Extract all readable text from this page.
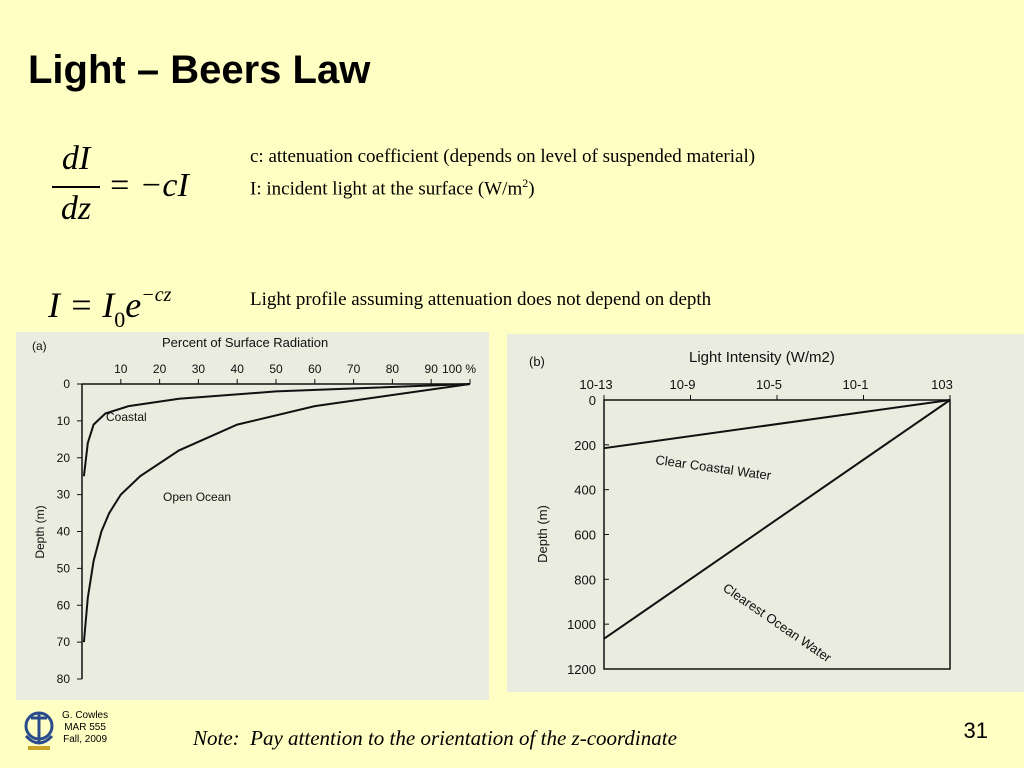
Light – Beers Law
dI
dz
= −cI
c: attenuation coefficient (depends on level of suspended material)
I: incident light at the surface $(W/m^2)$
$I = I_0e^{-cz}$	Light profile assuming attenuation does not depend on depth
(a)	Percent of Surface Radiation
10 20 30 40 50 60 70 80 90 100 %
0
10
20
30
40
50
60
70
80
Depth (m)
Coastal
Open Ocean
(b)	Light Intensity (W/m2)
10-13	10-9	10-5	10-1	103
0
200
400
600
800
1000
1200
Depth (m)
Clear Coastal Water
Clearest Ocean Water
G. Cowles
MAR 555
Fall, 2009	Note:  Pay attention to the orientation of the z-coordinate	31
